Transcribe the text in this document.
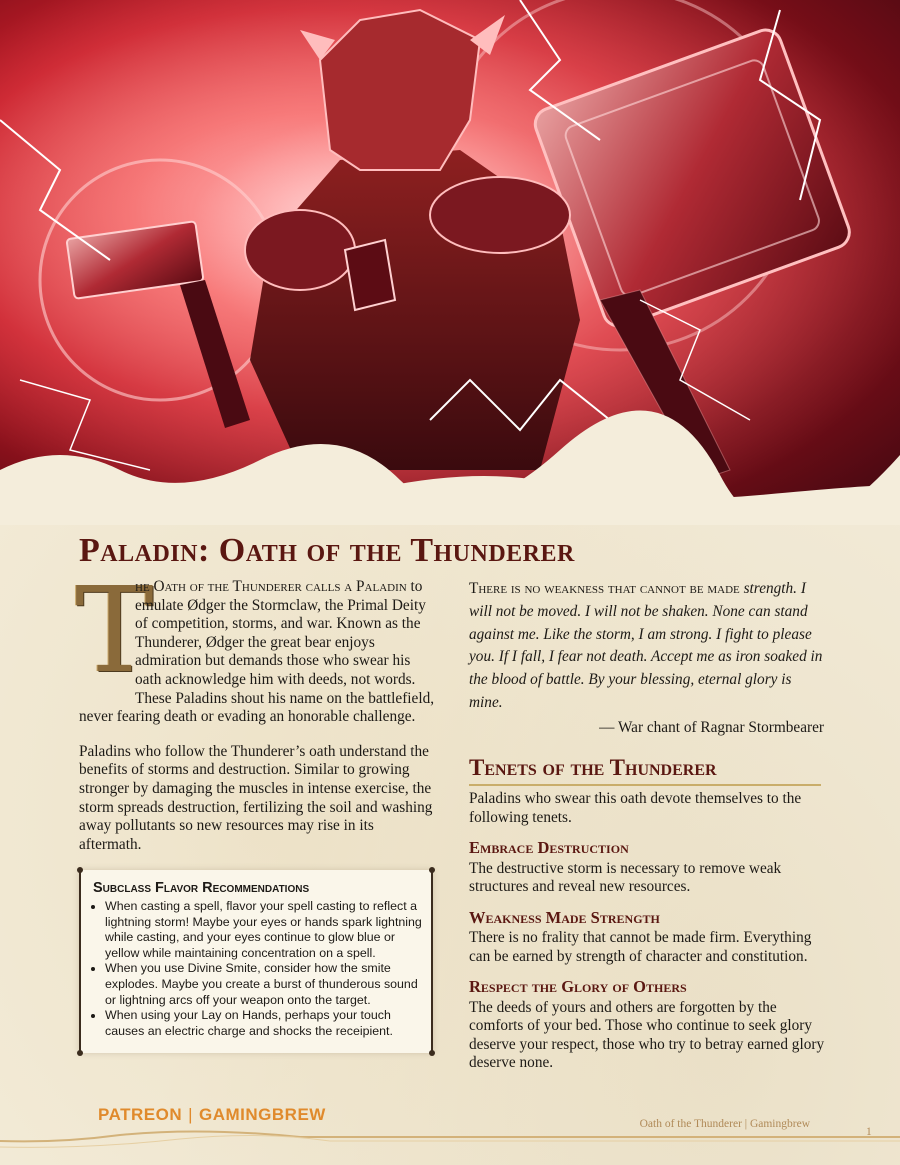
Paladin: Oath of the Thunderer

T
he Oath of the Thunderer calls a Paladin to emulate Ødger the Stormclaw, the Primal Deity of competition, storms, and war. Known as the Thunderer, Ødger the great bear enjoys admiration but demands those who swear his oath acknowledge him with deeds, not words. These Paladins shout his name on the battlefield, never fearing death or evading an honorable challenge.

Paladins who follow the Thunderer’s oath understand the benefits of storms and destruction. Similar to growing stronger by damaging the muscles in intense exercise, the storm spreads destruction, fertilizing the soil and washing away pollutants so new resources may rise in its aftermath.

Subclass Flavor Recommendations
• When casting a spell, flavor your spell casting to reflect a lightning storm! Maybe your eyes or hands spark lightning while casting, and your eyes continue to glow blue or yellow while maintaining concentration on a spell.
• When you use Divine Smite, consider how the smite explodes. Maybe you create a burst of thunderous sound or lightning arcs off your weapon onto the target.
• When using your Lay on Hands, perhaps your touch causes an electric charge and shocks the receipient.

There is no weakness that cannot be made strength. I will not be moved. I will not be shaken. None can stand against me. Like the storm, I am strong. I fight to please you. If I fall, I fear not death. Accept me as iron soaked in the blood of battle. By your blessing, eternal glory is mine.

— War chant of Ragnar Stormbearer

Tenets of the Thunderer

Paladins who swear this oath devote themselves to the following tenets.

Embrace Destruction

The destructive storm is necessary to remove weak structures and reveal new resources.

Weakness Made Strength

There is no frality that cannot be made firm. Everything can be earned by strength of character and constitution.

Respect the Glory of Others

The deeds of yours and others are forgotten by the comforts of your bed. Those who continue to seek glory deserve your respect, those who try to betray earned glory deserve none.

PATREON | GAMINGBREW	Oath of the Thunderer | Gamingbrew
1
